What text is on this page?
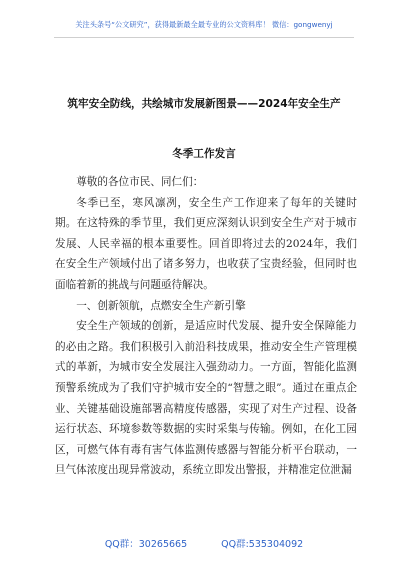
关注头条号“公文研究”，获得最新最全最专业的公文资料库！ 微信：gongwenyj
筑牢安全防线，共绘城市发展新图景——2024年安全生产
冬季工作发言

尊敬的各位市民、同仁们：

冬季已至，寒风凛冽，安全生产工作迎来了每年的关键时期。在这特殊的季节里，我们更应深刻认识到安全生产对于城市发展、人民幸福的根本重要性。回首即将过去的2024年，我们在安全生产领域付出了诸多努力，也收获了宝贵经验，但同时也面临着新的挑战与问题亟待解决。

一、创新领航，点燃安全生产新引擎

安全生产领域的创新，是适应时代发展、提升安全保障能力的必由之路。我们积极引入前沿科技成果，推动安全生产管理模式的革新，为城市安全发展注入强劲动力。一方面，智能化监测预警系统成为了我们守护城市安全的“智慧之眼”。通过在重点企业、关键基础设施部署高精度传感器，实现了对生产过程、设备运行状态、环境参数等数据的实时采集与传输。例如，在化工园区，可燃气体有毒有害气体监测传感器与智能分析平台联动，一旦气体浓度出现异常波动，系统立即发出警报，并精准定位泄漏

QQ群：30265665	QQ群:535304092
